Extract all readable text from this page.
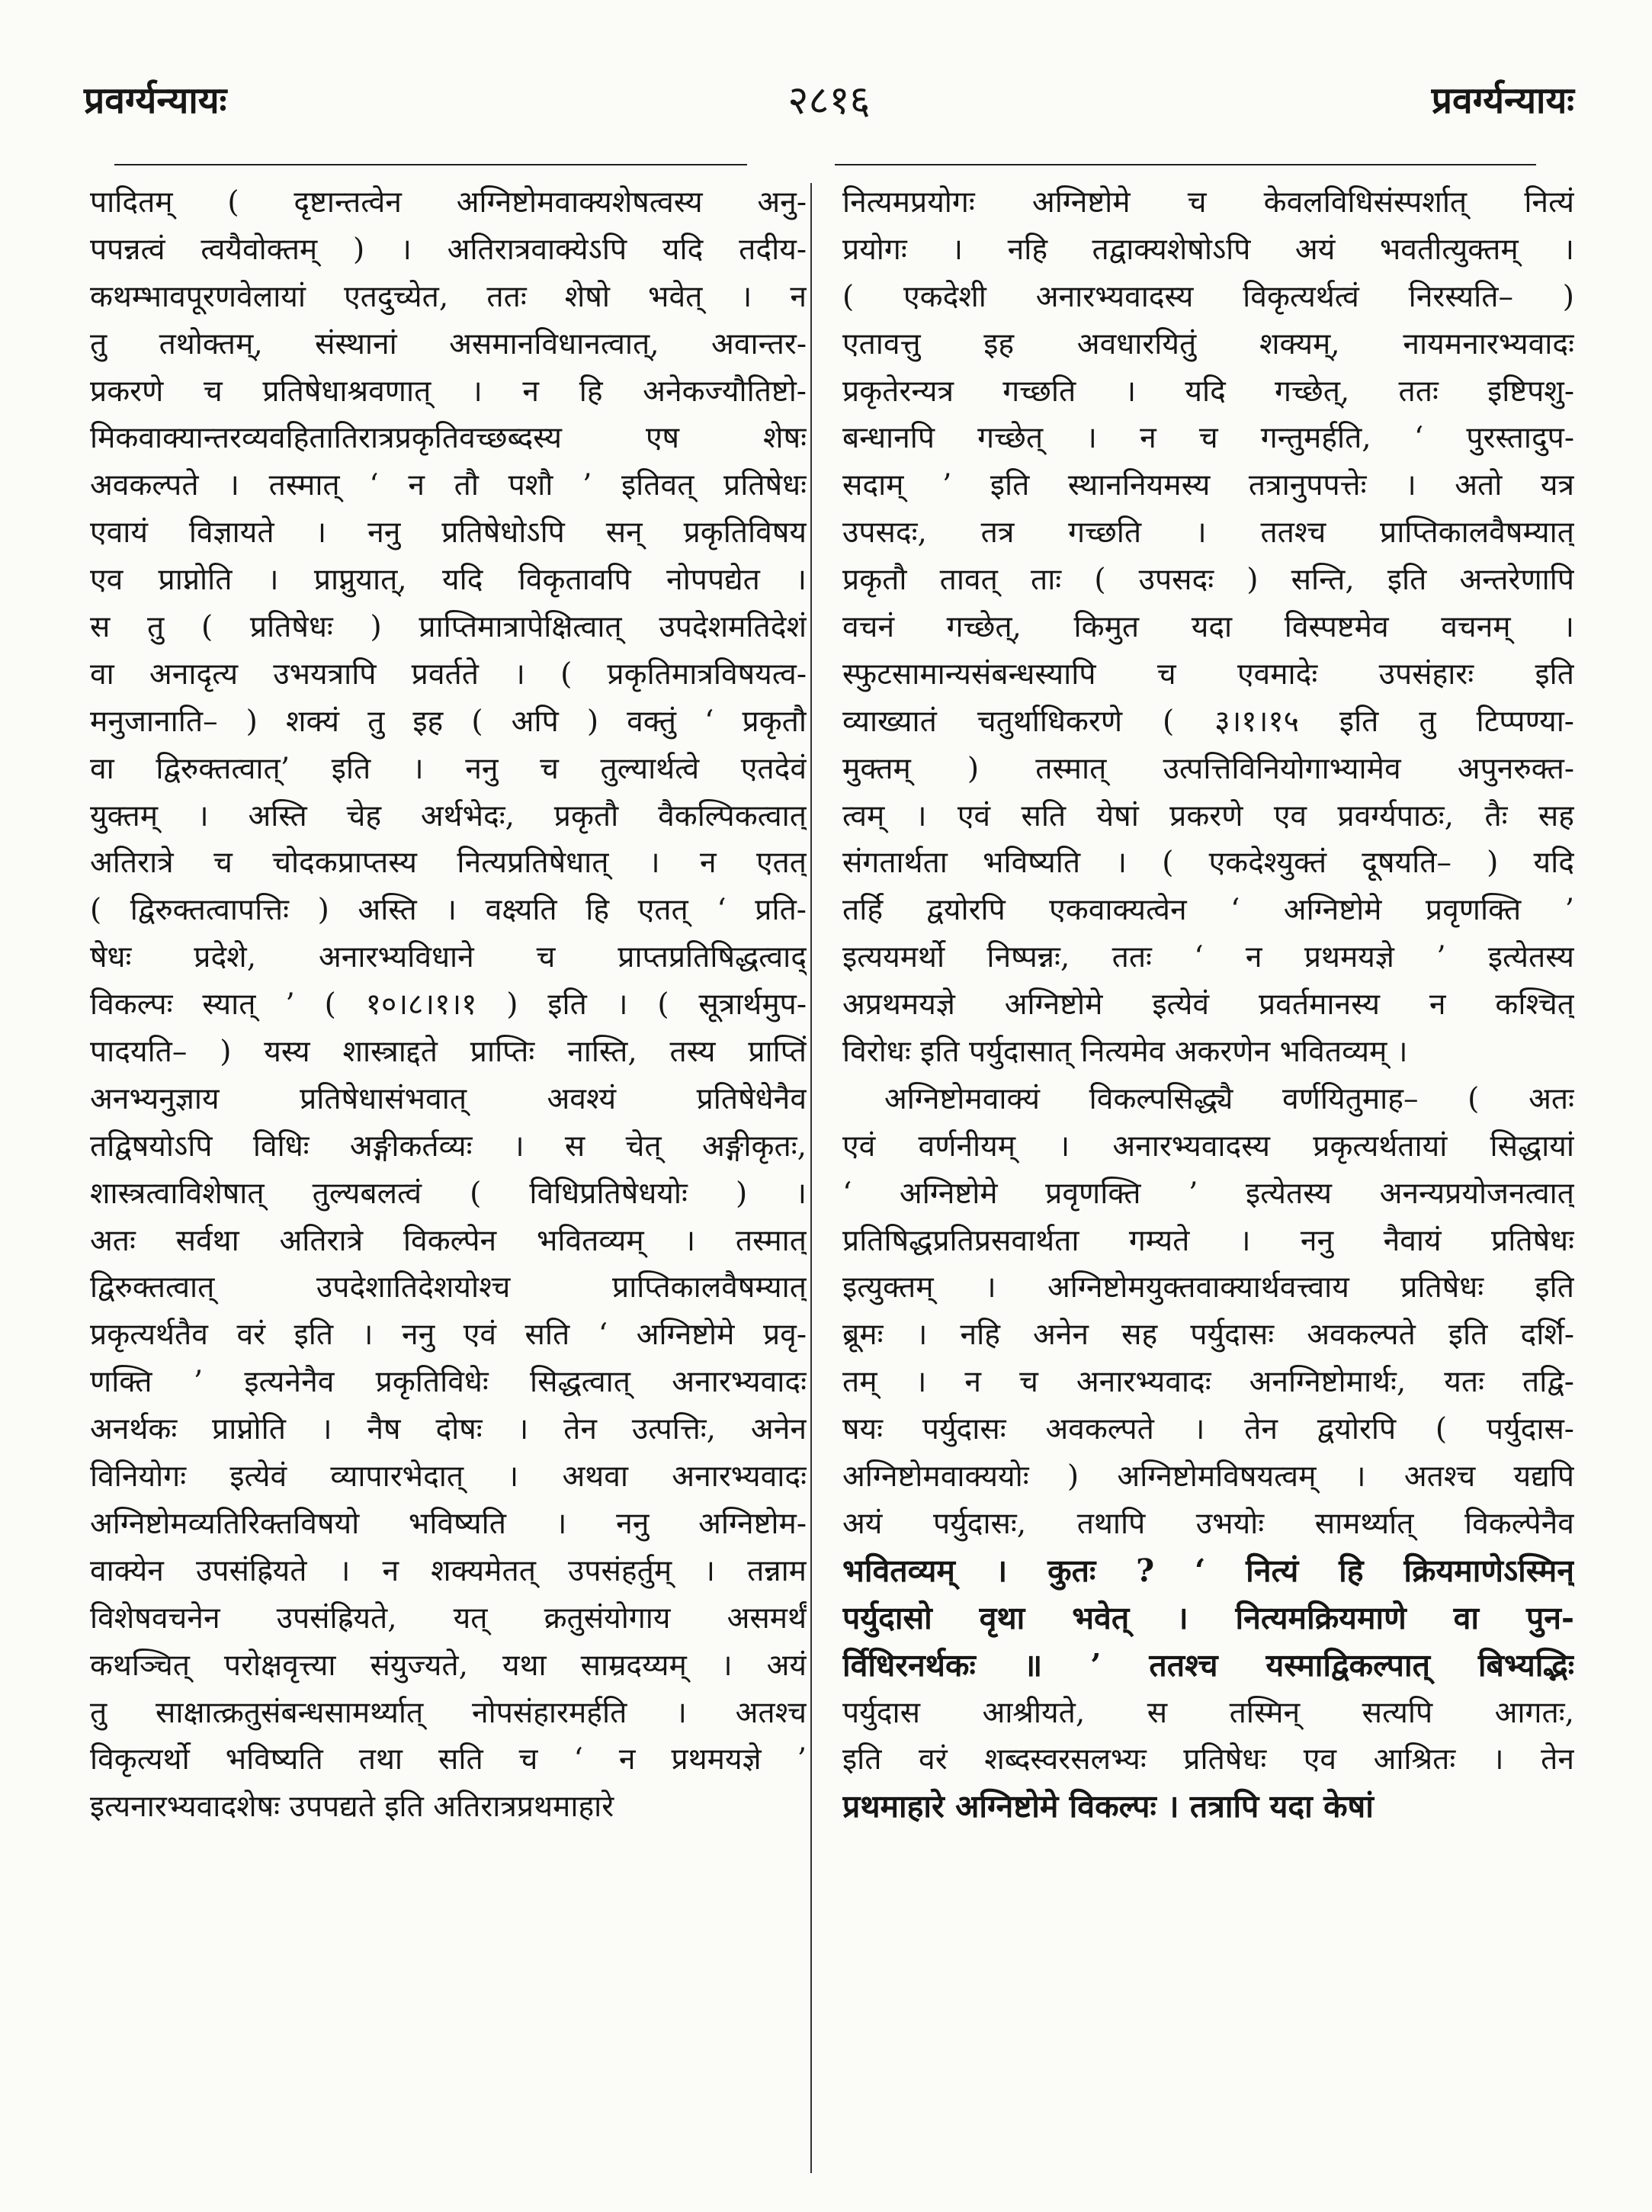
प्रवर्ग्यन्यायः	२८१६	प्रवर्ग्यन्यायः
पादितम् ( दृष्टान्तत्वेन अग्निष्टोमवाक्यशेषत्वस्य अनु-
पपन्नत्वं त्वयैवोक्तम् ) । अतिरात्रवाक्येऽपि यदि तदीय-
कथम्भावपूरणवेलायां एतदुच्येत, ततः शेषो भवेत् । न
तु तथोक्तम्, संस्थानां असमानविधानत्वात्, अवान्तर-
प्रकरणे च प्रतिषेधाश्रवणात् । न हि अनेकज्यौतिष्टो-
मिकवाक्यान्तरव्यवहितातिरात्रप्रकृतिवच्छब्दस्य एष शेषः
अवकल्पते । तस्मात् ‘ न तौ पशौ ’ इतिवत् प्रतिषेधः
एवायं विज्ञायते । ननु प्रतिषेधोऽपि सन् प्रकृतिविषय
एव प्राप्नोति । प्राप्नुयात्, यदि विकृतावपि नोपपद्येत ।
स तु ( प्रतिषेधः ) प्राप्तिमात्रापेक्षित्वात् उपदेशमतिदेशं
वा अनादृत्य उभयत्रापि प्रवर्तते । ( प्रकृतिमात्रविषयत्व-
मनुजानाति– ) शक्यं तु इह ( अपि ) वक्तुं ‘ प्रकृतौ
वा द्विरुक्तत्वात्’ इति । ननु च तुल्यार्थत्वे एतदेवं
युक्तम् । अस्ति चेह अर्थभेदः, प्रकृतौ वैकल्पिकत्वात्
अतिरात्रे च चोदकप्राप्तस्य नित्यप्रतिषेधात् । न एतत्
( द्विरुक्तत्वापत्तिः ) अस्ति । वक्ष्यति हि एतत् ‘ प्रति-
षेधः प्रदेशे, अनारभ्यविधाने च प्राप्तप्रतिषिद्धत्वाद्
विकल्पः स्यात् ’ ( १०।८।१।१ ) इति । ( सूत्रार्थमुप-
पादयति– ) यस्य शास्त्राद्दते प्राप्तिः नास्ति, तस्य प्राप्तिं
अनभ्यनुज्ञाय प्रतिषेधासंभवात् अवश्यं प्रतिषेधेनैव
तद्विषयोऽपि विधिः अङ्गीकर्तव्यः । स चेत् अङ्गीकृतः,
शास्त्रत्वाविशेषात् तुल्यबलत्वं ( विधिप्रतिषेधयोः ) ।
अतः सर्वथा अतिरात्रे विकल्पेन भवितव्यम् । तस्मात्
द्विरुक्तत्वात् उपदेशातिदेशयोश्च प्राप्तिकालवैषम्यात्
प्रकृत्यर्थतैव वरं इति । ननु एवं सति ‘ अग्निष्टोमे प्रवृ-
णक्ति ’ इत्यनेनैव प्रकृतिविधेः सिद्धत्वात् अनारभ्यवादः
अनर्थकः प्राप्नोति । नैष दोषः । तेन उत्पत्तिः, अनेन
विनियोगः इत्येवं व्यापारभेदात् । अथवा अनारभ्यवादः
अग्निष्टोमव्यतिरिक्तविषयो भविष्यति । ननु अग्निष्टोम-
वाक्येन उपसंह्रियते । न शक्यमेतत् उपसंहर्तुम् । तन्नाम
विशेषवचनेन उपसंह्रियते, यत् क्रतुसंयोगाय असमर्थं
कथञ्चित् परोक्षवृत्त्या संयुज्यते, यथा साम्रदय्यम् । अयं
तु साक्षात्क्रतुसंबन्धसामर्थ्यात् नोपसंहारमर्हति । अतश्च
विकृत्यर्थो भविष्यति तथा सति च ‘ न प्रथमयज्ञे ’
इत्यनारभ्यवादशेषः उपपद्यते इति अतिरात्रप्रथमाहारे
नित्यमप्रयोगः अग्निष्टोमे च केवलविधिसंस्पर्शात् नित्यं
प्रयोगः । नहि तद्वाक्यशेषोऽपि अयं भवतीत्युक्तम् ।
( एकदेशी अनारभ्यवादस्य विकृत्यर्थत्वं निरस्यति– )
एतावत्तु इह अवधारयितुं शक्यम्, नायमनारभ्यवादः
प्रकृतेरन्यत्र गच्छति । यदि गच्छेत्, ततः इष्टिपशु-
बन्धानपि गच्छेत् । न च गन्तुमर्हति, ‘ पुरस्तादुप-
सदाम् ’ इति स्थाननियमस्य तत्रानुपपत्तेः । अतो यत्र
उपसदः, तत्र गच्छति । ततश्च प्राप्तिकालवैषम्यात्
प्रकृतौ तावत् ताः ( उपसदः ) सन्ति, इति अन्तरेणापि
वचनं गच्छेत्, किमुत यदा विस्पष्टमेव वचनम् ।
स्फुटसामान्यसंबन्धस्यापि च एवमादेः उपसंहारः इति
व्याख्यातं चतुर्थाधिकरणे ( ३।१।१५ इति तु टिप्पण्या-
मुक्तम् ) तस्मात् उत्पत्तिविनियोगाभ्यामेव अपुनरुक्त-
त्वम् । एवं सति येषां प्रकरणे एव प्रवर्ग्यपाठः, तैः सह
संगतार्थता भविष्यति । ( एकदेश्युक्तं दूषयति– ) यदि
तर्हि द्वयोरपि एकवाक्यत्वेन ‘ अग्निष्टोमे प्रवृणक्ति ’
इत्ययमर्थो निष्पन्नः, ततः ‘ न प्रथमयज्ञे ’ इत्येतस्य
अप्रथमयज्ञे अग्निष्टोमे इत्येवं प्रवर्तमानस्य न कश्चित्
विरोधः इति पर्युदासात् नित्यमेव अकरणेन भवितव्यम् ।
अग्निष्टोमवाक्यं विकल्पसिद्ध्यै वर्णयितुमाह– ( अतः
एवं वर्णनीयम् । अनारभ्यवादस्य प्रकृत्यर्थतायां सिद्धायां
‘ अग्निष्टोमे प्रवृणक्ति ’ इत्येतस्य अनन्यप्रयोजनत्वात्
प्रतिषिद्धप्रतिप्रसवार्थता गम्यते । ननु नैवायं प्रतिषेधः
इत्युक्तम् । अग्निष्टोमयुक्तवाक्यार्थवत्त्वाय प्रतिषेधः इति
ब्रूमः । नहि अनेन सह पर्युदासः अवकल्पते इति दर्शि-
तम् । न च अनारभ्यवादः अनग्निष्टोमार्थः, यतः तद्वि-
षयः पर्युदासः अवकल्पते । तेन द्वयोरपि ( पर्युदास-
अग्निष्टोमवाक्ययोः ) अग्निष्टोमविषयत्वम् । अतश्च यद्यपि
अयं पर्युदासः, तथापि उभयोः सामर्थ्यात् विकल्पेनैव
भवितव्यम् । कुतः ? ‘ नित्यं हि क्रियमाणेऽस्मिन्
पर्युदासो वृथा भवेत् । नित्यमक्रियमाणे वा पुन-
र्विधिरनर्थकः ॥ ’ ततश्च यस्माद्विकल्पात् बिभ्यद्भिः
पर्युदास आश्रीयते, स तस्मिन् सत्यपि आगतः,
इति वरं शब्दस्वरसलभ्यः प्रतिषेधः एव आश्रितः । तेन
प्रथमाहारे अग्निष्टोमे विकल्पः । तत्रापि यदा केषां
